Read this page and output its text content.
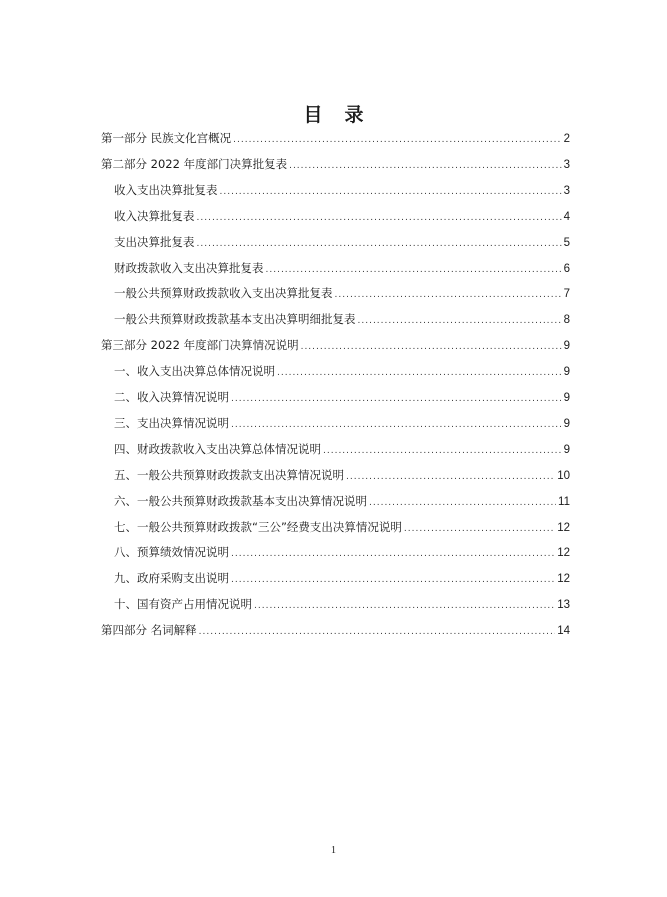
目 录
第一部分 民族文化宫概况 .....	2
第二部分 2022 年度部门决算批复表 .....	3
收入支出决算批复表 .....	3
收入决算批复表 .....	4
支出决算批复表 .....	5
财政拨款收入支出决算批复表 .....	6
一般公共预算财政拨款收入支出决算批复表 .....	7
一般公共预算财政拨款基本支出决算明细批复表 .....	8
第三部分 2022 年度部门决算情况说明 .....	9
一、收入支出决算总体情况说明 .....	9
二、收入决算情况说明 .....	9
三、支出决算情况说明 .....	9
四、财政拨款收入支出决算总体情况说明 .....	9
五、一般公共预算财政拨款支出决算情况说明 .....	10
六、一般公共预算财政拨款基本支出决算情况说明 .....	11
七、一般公共预算财政拨款“三公”经费支出决算情况说明 .....	12
八、预算绩效情况说明 .....	12
九、政府采购支出说明 .....	12
十、国有资产占用情况说明 .....	13
第四部分 名词解释 .....	14
1
